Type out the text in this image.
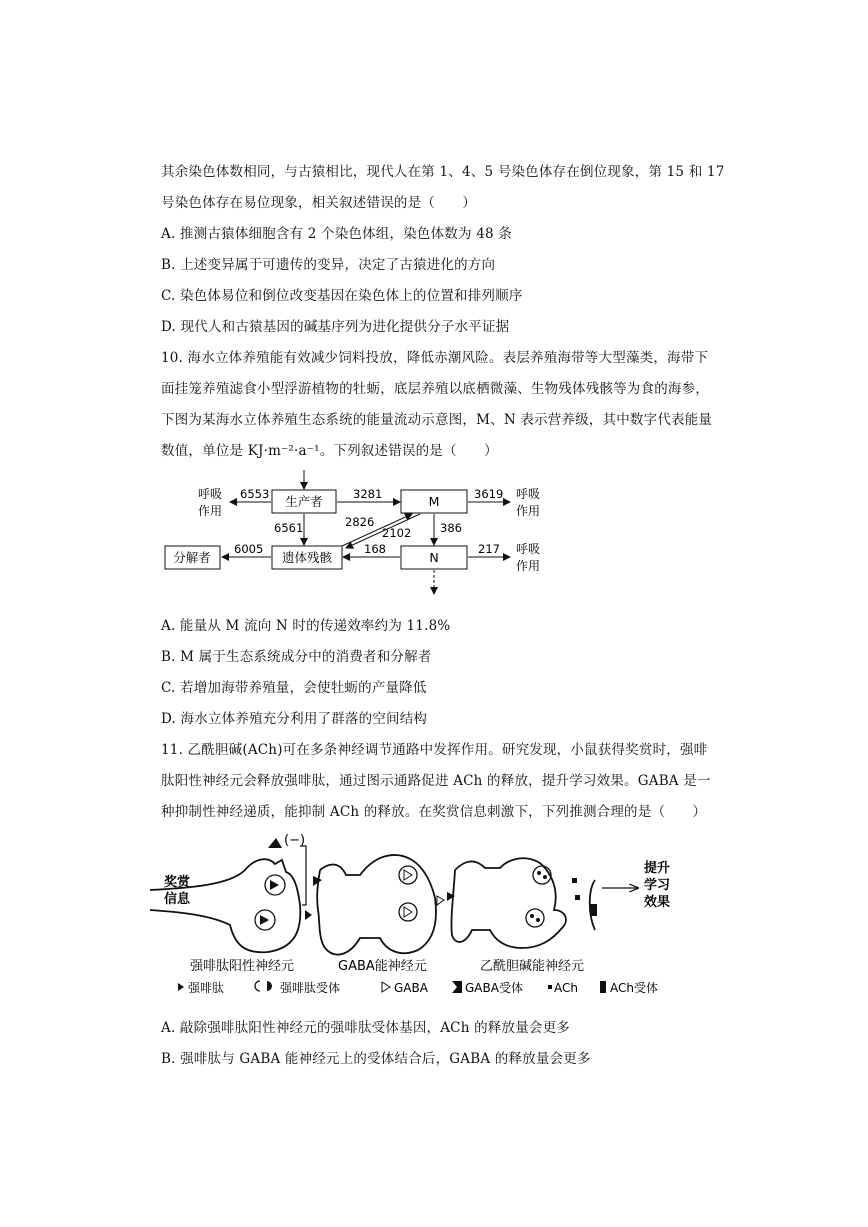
其余染色体数相同，与古猿相比，现代人在第 1、4、5 号染色体存在倒位现象，第 15 和 17
号染色体存在易位现象，相关叙述错误的是（　　）
A. 推测古猿体细胞含有 2 个染色体组，染色体数为 48 条
B. 上述变异属于可遗传的变异，决定了古猿进化的方向
C. 染色体易位和倒位改变基因在染色体上的位置和排列顺序
D. 现代人和古猿基因的碱基序列为进化提供分子水平证据
10. 海水立体养殖能有效减少饲料投放，降低赤潮风险。表层养殖海带等大型藻类，海带下
面挂笼养殖滤食小型浮游植物的牡蛎，底层养殖以底栖微藻、生物残体残骸等为食的海参，
下图为某海水立体养殖生态系统的能量流动示意图，M、N 表示营养级，其中数字代表能量
数值，单位是 KJ·m⁻²·a⁻¹。下列叙述错误的是（　　）
生产者	M
N
遗体残骸
分解者
6553
呼吸
作用
3281	3619 呼吸
作用
6561	2826
2102 386
168	217 呼吸
作用
6005
A. 能量从 M 流向 N 时的传递效率约为 11.8%
B. M 属于生态系统成分中的消费者和分解者
C. 若增加海带养殖量，会使牡蛎的产量降低
D. 海水立体养殖充分利用了群落的空间结构
11. 乙酰胆碱(ACh)可在多条神经调节通路中发挥作用。研究发现，小鼠获得奖赏时，强啡
肽阳性神经元会释放强啡肽，通过图示通路促进 ACh 的释放，提升学习效果。GABA 是一
种抑制性神经递质，能抑制 ACh 的释放。在奖赏信息刺激下，下列推测合理的是（　　）
奖赏
信息
(−)
提升
学习
效果
强啡肽阳性神经元	GABA能神经元	乙酰胆碱能神经元
强啡肽	强啡肽受体	GABA	GABA受体	ACh	ACh受体
A. 敲除强啡肽阳性神经元的强啡肽受体基因，ACh 的释放量会更多
B. 强啡肽与 GABA 能神经元上的受体结合后，GABA 的释放量会更多
